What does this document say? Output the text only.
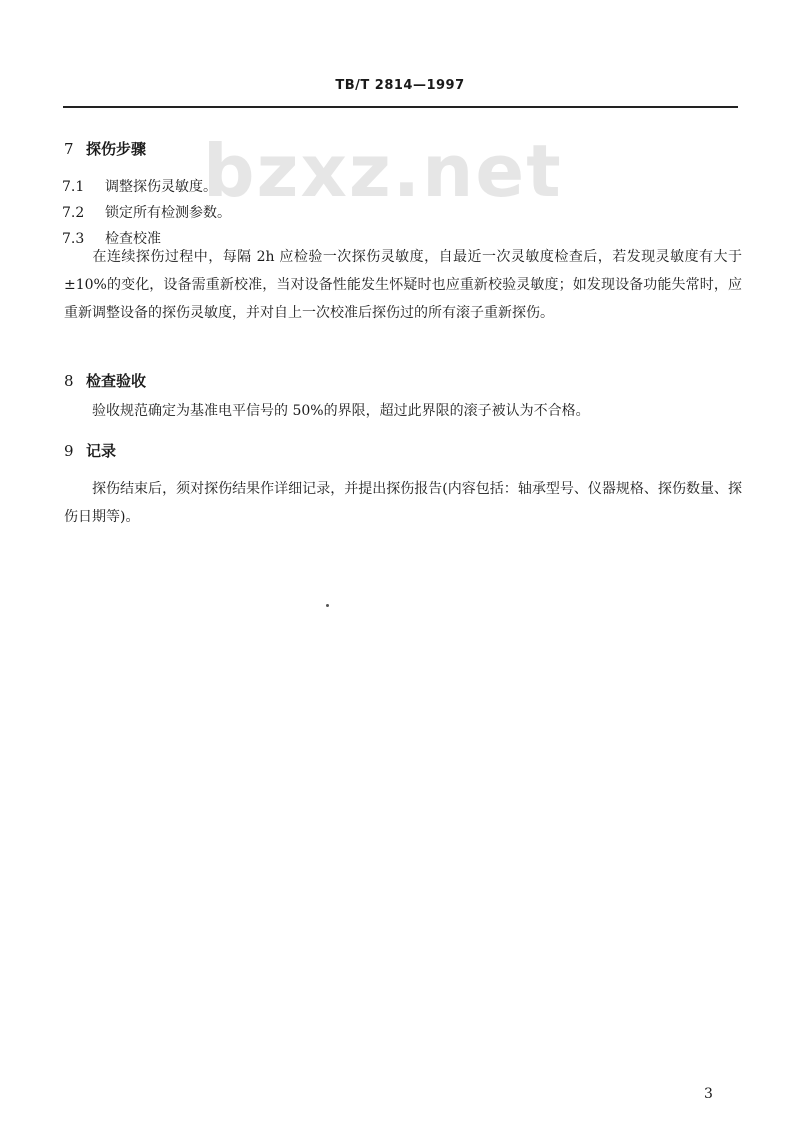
TB/T 2814—1997
bzxz.net
7 探伤步骤
7.1 调整探伤灵敏度。
7.2 锁定所有检测参数。
7.3 检查校准
在连续探伤过程中，每隔 2h 应检验一次探伤灵敏度，自最近一次灵敏度检查后，若发现灵敏度有大于±10%的变化，设备需重新校准，当对设备性能发生怀疑时也应重新校验灵敏度；如发现设备功能失常时，应重新调整设备的探伤灵敏度，并对自上一次校准后探伤过的所有滚子重新探伤。
8 检查验收
验收规范确定为基准电平信号的 50%的界限，超过此界限的滚子被认为不合格。
9 记录
探伤结束后，须对探伤结果作详细记录，并提出探伤报告(内容包括：轴承型号、仪器规格、探伤数量、探伤日期等)。
3
